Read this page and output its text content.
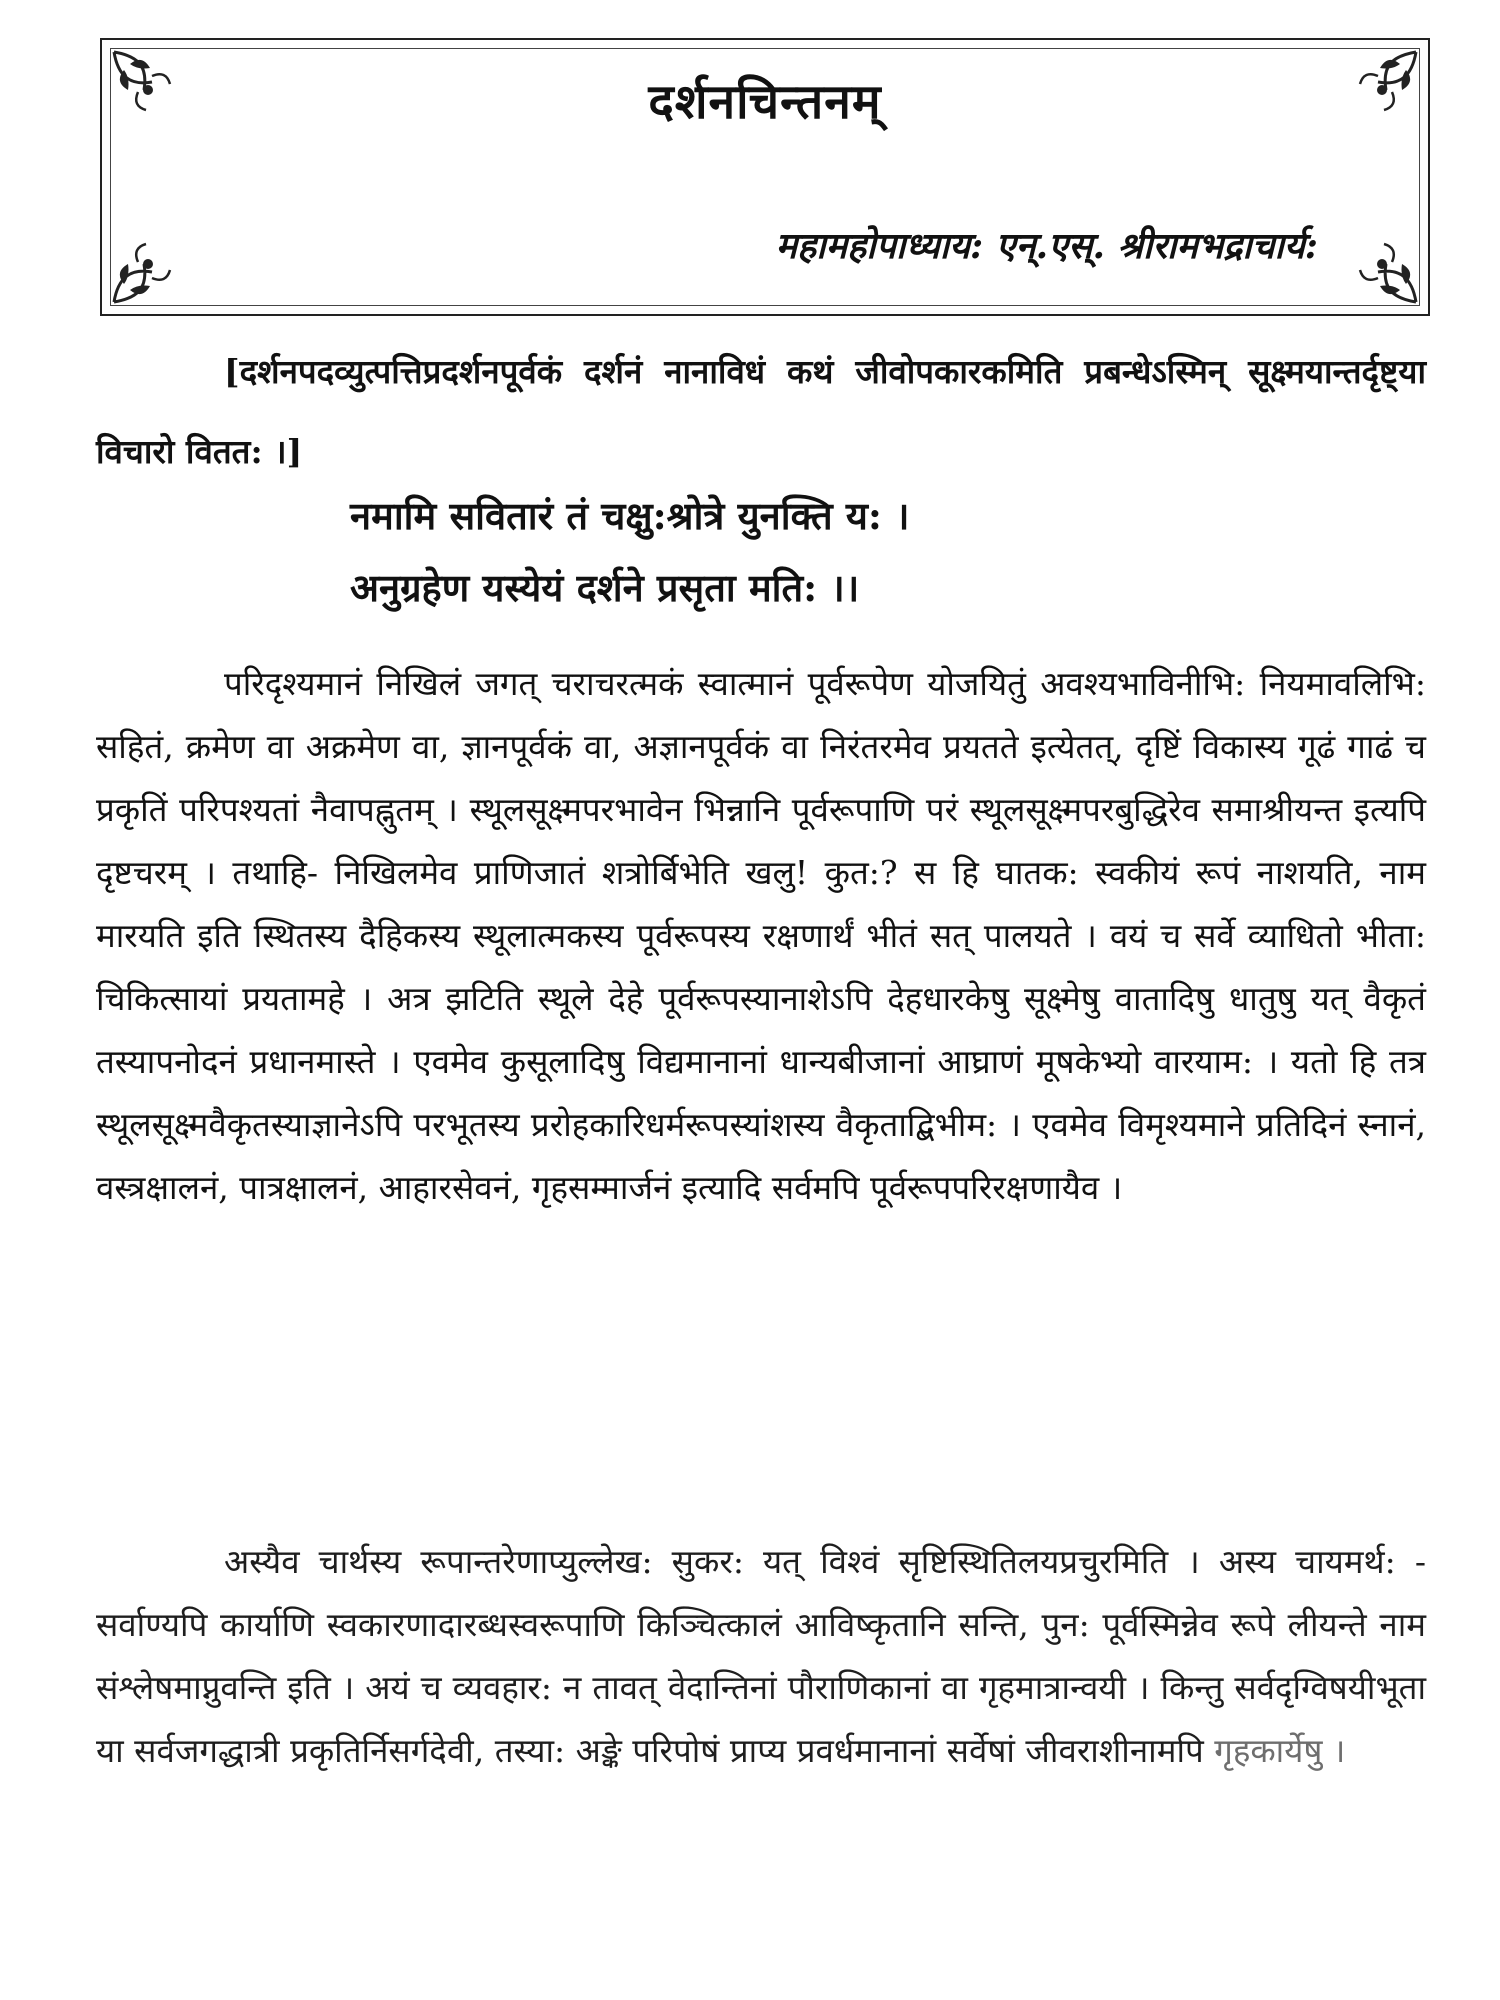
दर्शनचिन्तनम्
महामहोपाध्याय: एन्.एस्. श्रीरामभद्राचार्य:
[दर्शनपदव्युत्पत्तिप्रदर्शनपूर्वकं दर्शनं नानाविधं कथं जीवोपकारकमिति प्रबन्धेऽस्मिन् सूक्ष्मयान्तर्दृष्ट्या विचारो वितत: ।]
नमामि सवितारं तं चक्षु:श्रोत्रे युनक्ति य: ।
अनुग्रहेण यस्येयं दर्शने प्रसृता मति: ।।
परिदृश्यमानं निखिलं जगत् चराचरत्मकं स्वात्मानं पूर्वरूपेण योजयितुं अवश्यभाविनीभि: नियमावलिभि: सहितं, क्रमेण वा अक्रमेण वा, ज्ञानपूर्वकं वा, अज्ञानपूर्वकं वा निरंतरमेव प्रयतते इत्येतत्, दृष्टिं विकास्य गूढं गाढं च प्रकृतिं परिपश्यतां नैवापह्नुतम् । स्थूलसूक्ष्मपरभावेन भिन्नानि पूर्वरूपाणि परं स्थूलसूक्ष्मपरबुद्धिरेव समाश्रीयन्त इत्यपि दृष्टचरम् । तथाहि- निखिलमेव प्राणिजातं शत्रोर्बिभेति खलु! कुत:? स हि घातक: स्वकीयं रूपं नाशयति, नाम मारयति इति स्थितस्य दैहिकस्य स्थूलात्मकस्य पूर्वरूपस्य रक्षणार्थं भीतं सत् पालयते । वयं च सर्वे व्याधितो भीता: चिकित्सायां प्रयतामहे । अत्र झटिति स्थूले देहे पूर्वरूपस्यानाशेऽपि देहधारकेषु सूक्ष्मेषु वातादिषु धातुषु यत् वैकृतं तस्यापनोदनं प्रधानमास्ते । एवमेव कुसूलादिषु विद्यमानानां धान्यबीजानां आघ्राणं मूषकेभ्यो वारयाम: । यतो हि तत्र स्थूलसूक्ष्मवैकृतस्याज्ञानेऽपि परभूतस्य प्ररोहकारिधर्मरूपस्यांशस्य वैकृताद्बिभीम: । एवमेव विमृश्यमाने प्रतिदिनं स्नानं, वस्त्रक्षालनं, पात्रक्षालनं, आहारसेवनं, गृहसम्मार्जनं इत्यादि सर्वमपि पूर्वरूपपरिरक्षणायैव ।
अस्यैव चार्थस्य रूपान्तरेणाप्युल्लेख: सुकर: यत् विश्वं सृष्टिस्थितिलयप्रचुरमिति । अस्य चायमर्थ: - सर्वाण्यपि कार्याणि स्वकारणादारब्धस्वरूपाणि किञ्चित्कालं आविष्कृतानि सन्ति, पुन: पूर्वस्मिन्नेव रूपे लीयन्ते नाम संश्लेषमाप्नुवन्ति इति । अयं च व्यवहार: न तावत् वेदान्तिनां पौराणिकानां वा गृहमात्रान्वयी । किन्तु सर्वदृग्विषयीभूता या सर्वजगद्धात्री प्रकृतिर्निसर्गदेवी, तस्या: अङ्के परिपोषं प्राप्य प्रवर्धमानानां सर्वेषां जीवराशीनामपि गृहकार्येषु ।
